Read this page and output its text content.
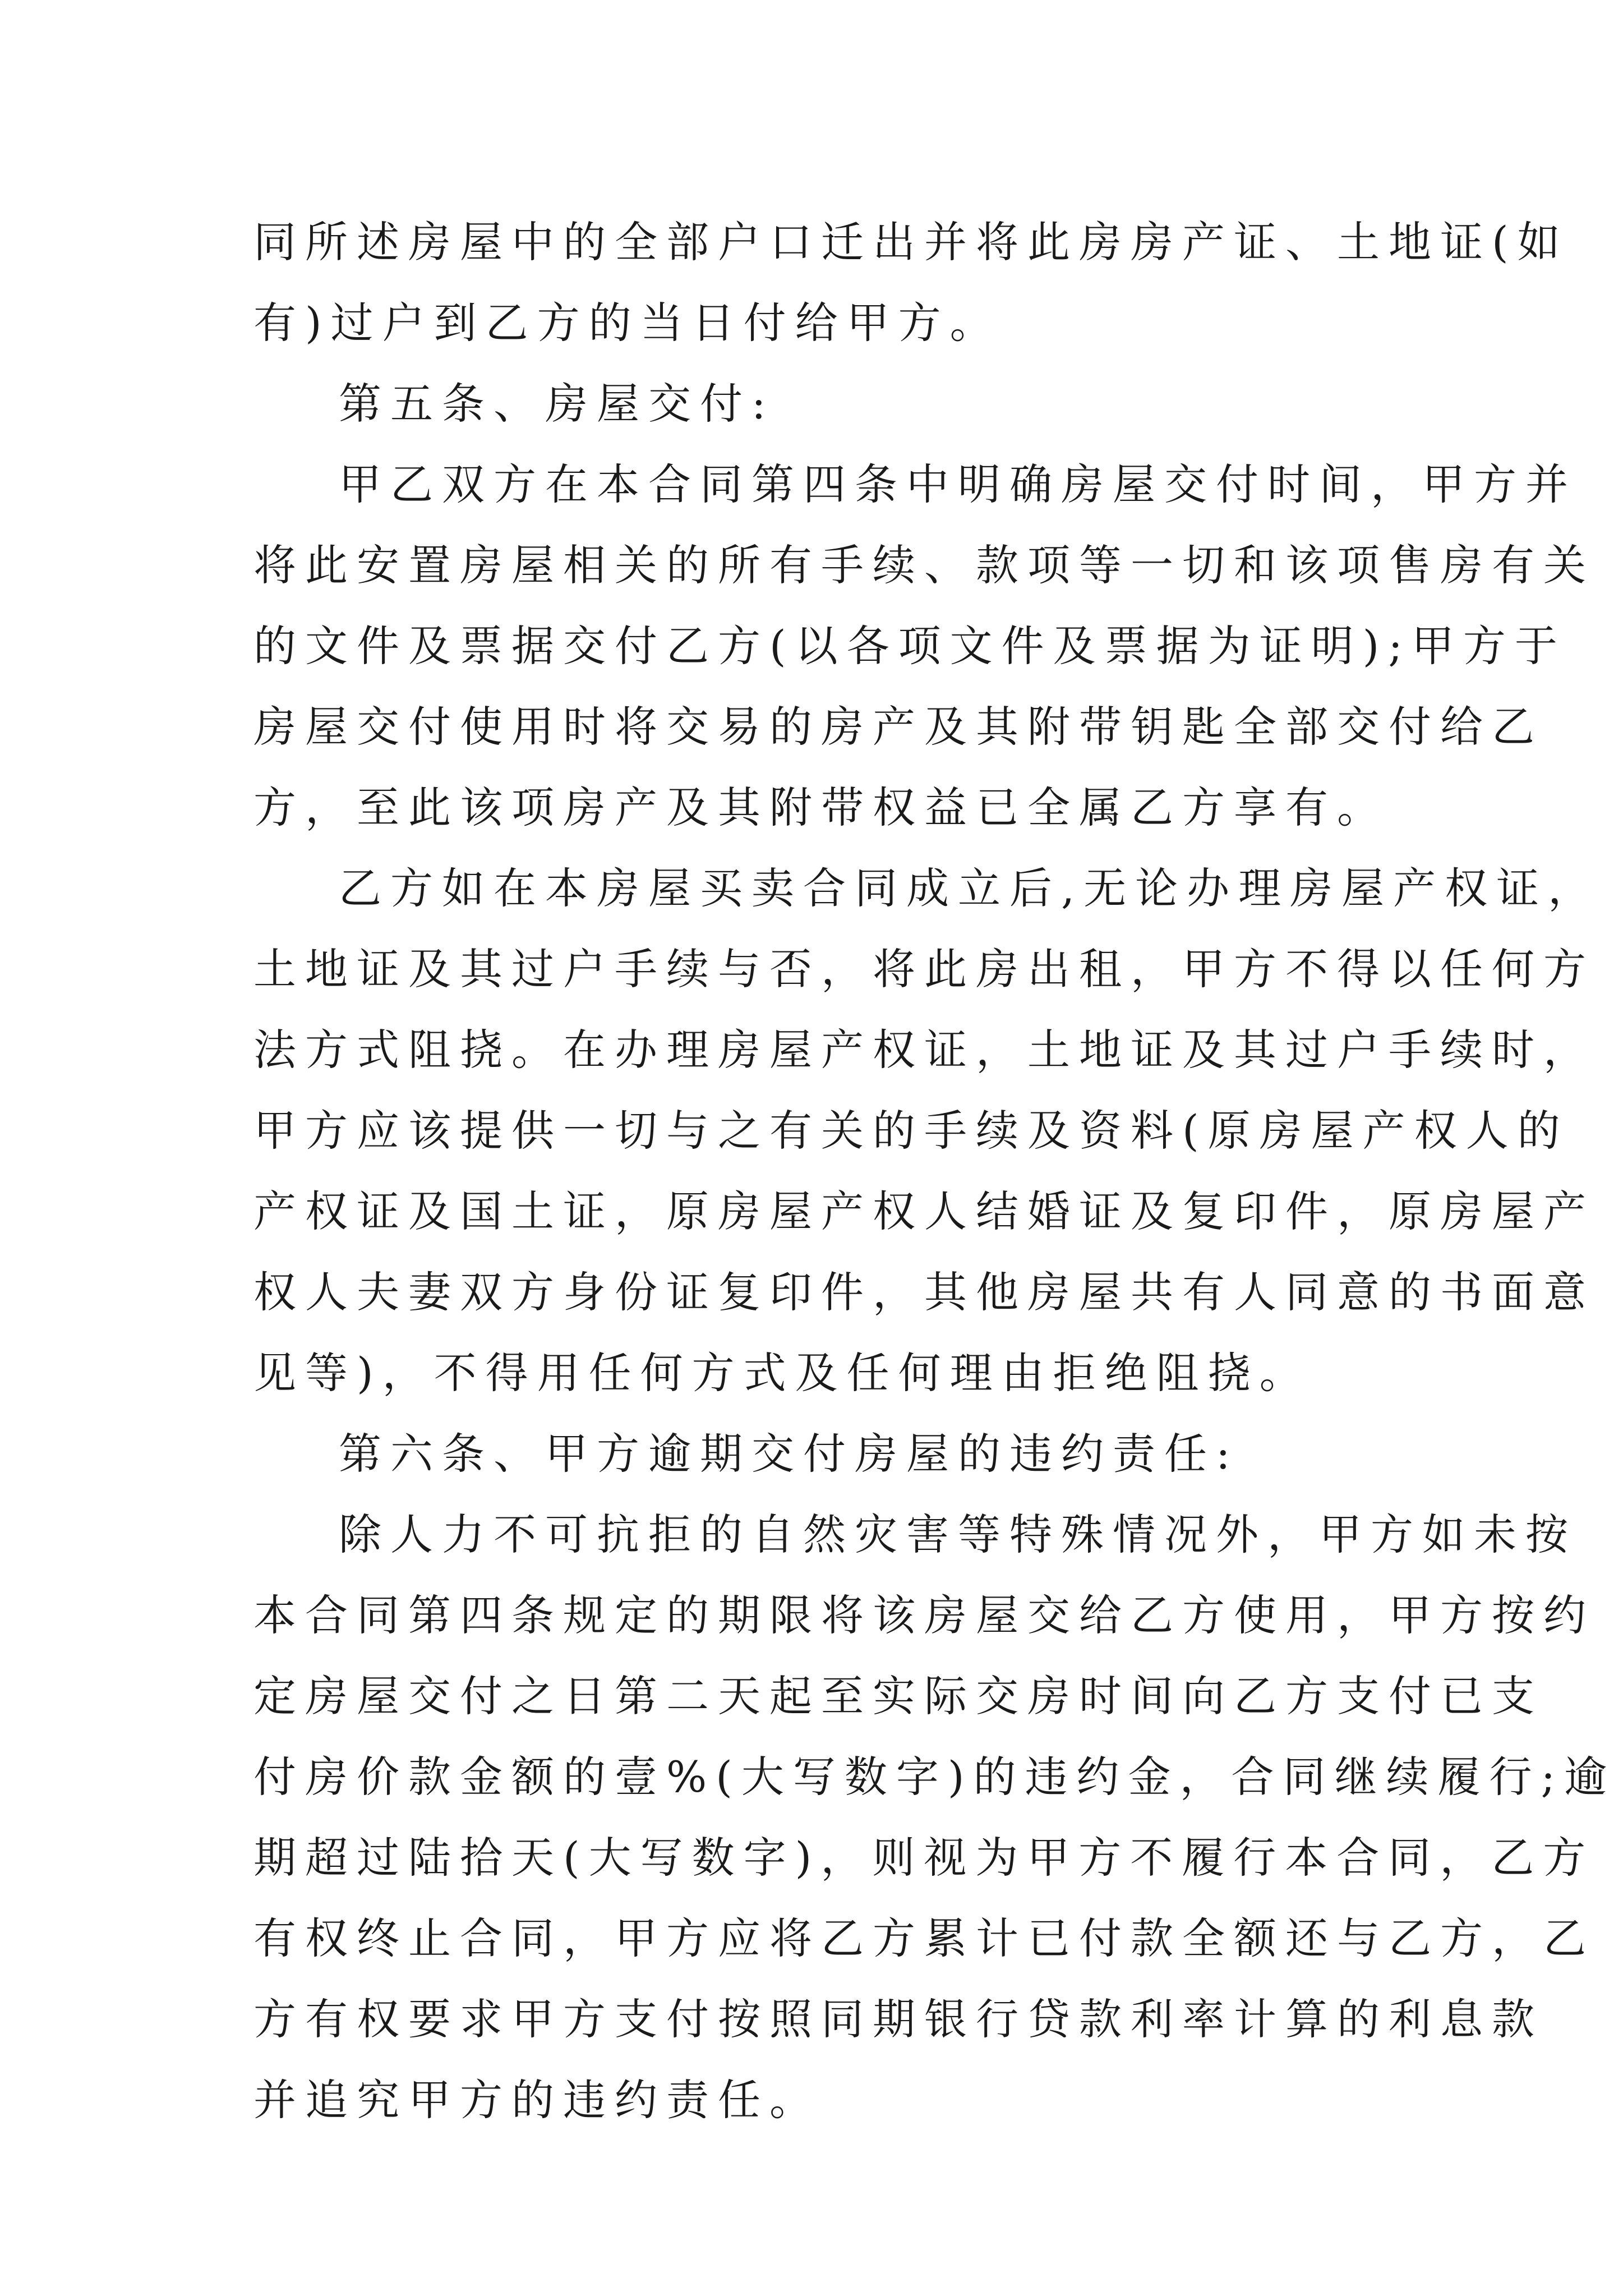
同所述房屋中的全部户口迁出并将此房房产证、土地证(如
有)过户到乙方的当日付给甲方。
第五条、房屋交付:
甲乙双方在本合同第四条中明确房屋交付时间，甲方并
将此安置房屋相关的所有手续、款项等一切和该项售房有关
的文件及票据交付乙方(以各项文件及票据为证明);甲方于
房屋交付使用时将交易的房产及其附带钥匙全部交付给乙
方，至此该项房产及其附带权益已全属乙方享有。
乙方如在本房屋买卖合同成立后,无论办理房屋产权证，
土地证及其过户手续与否，将此房出租，甲方不得以任何方
法方式阻挠。在办理房屋产权证，土地证及其过户手续时，
甲方应该提供一切与之有关的手续及资料(原房屋产权人的
产权证及国土证，原房屋产权人结婚证及复印件，原房屋产
权人夫妻双方身份证复印件，其他房屋共有人同意的书面意
见等)，不得用任何方式及任何理由拒绝阻挠。
第六条、甲方逾期交付房屋的违约责任:
除人力不可抗拒的自然灾害等特殊情况外，甲方如未按
本合同第四条规定的期限将该房屋交给乙方使用，甲方按约
定房屋交付之日第二天起至实际交房时间向乙方支付已支
付房价款金额的壹%(大写数字)的违约金，合同继续履行;逾
期超过陆拾天(大写数字)，则视为甲方不履行本合同，乙方
有权终止合同，甲方应将乙方累计已付款全额还与乙方，乙
方有权要求甲方支付按照同期银行贷款利率计算的利息款
并追究甲方的违约责任。
